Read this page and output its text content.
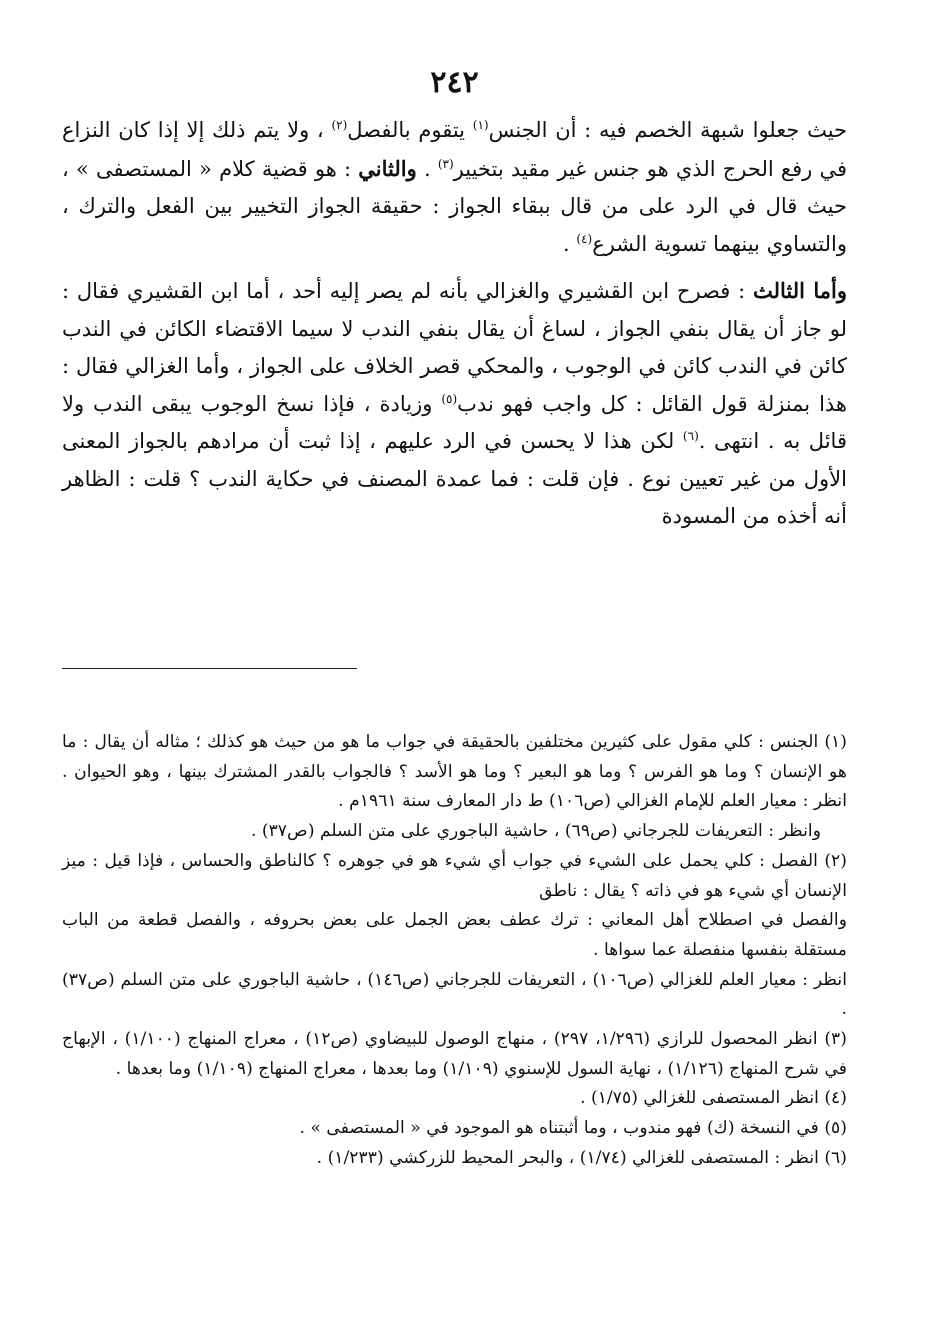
٢٤٢

حيث جعلوا شبهة الخصم فيه : أن الجنس$^{(١)}$ يتقوم بالفصل$^{(٢)}$ ، ولا يتم ذلك إلا إذا كان النزاع في رفع الحرج الذي هو جنس غير مقيد بتخيير$^{(٣)}$ . والثاني : هو قضية كلام « المستصفى » ، حيث قال في الرد على من قال ببقاء الجواز : حقيقة الجواز التخيير بين الفعل والترك ، والتساوي بينهما تسوية الشرع$^{(٤)}$ .

وأما الثالث : فصرح ابن القشيري والغزالي بأنه لم يصر إليه أحد ، أما ابن القشيري فقال : لو جاز أن يقال بنفي الجواز ، لساغ أن يقال بنفي الندب لا سيما الاقتضاء الكائن في الندب كائن في الندب كائن في الوجوب ، والمحكي قصر الخلاف على الجواز ، وأما الغزالي فقال : هذا بمنزلة قول القائل : كل واجب فهو ندب$^{(٥)}$ وزيادة ، فإذا نسخ الوجوب يبقى الندب ولا قائل به . انتهى .$^{(٦)}$ لكن هذا لا يحسن في الرد عليهم ، إذا ثبت أن مرادهم بالجواز المعنى الأول من غير تعيين نوع . فإن قلت : فما عمدة المصنف في حكاية الندب ؟ قلت : الظاهر أنه أخذه من المسودة

(١) الجنس : كلي مقول على كثيرين مختلفين بالحقيقة في جواب ما هو من حيث هو كذلك ؛ مثاله أن يقال : ما هو الإنسان ؟ وما هو الفرس ؟ وما هو البعير ؟ وما هو الأسد ؟ فالجواب بالقدر المشترك بينها ، وهو الحيوان . انظر : معيار العلم للإمام الغزالي (ص١٠٦) ط دار المعارف سنة ١٩٦١م .

وانظر : التعريفات للجرجاني (ص٦٩) ، حاشية الباجوري على متن السلم (ص٣٧) .

(٢) الفصل : كلي يحمل على الشيء في جواب أي شيء هو في جوهره ؟ كالناطق والحساس ، فإذا قيل : ميز الإنسان أي شيء هو في ذاته ؟ يقال : ناطق

والفصل في اصطلاح أهل المعاني : ترك عطف بعض الجمل على بعض بحروفه ، والفصل قطعة من الباب مستقلة بنفسها منفصلة عما سواها .

انظر : معيار العلم للغزالي (ص١٠٦) ، التعريفات للجرجاني (ص١٤٦) ، حاشية الباجوري على متن السلم (ص٣٧) .

(٣) انظر المحصول للرازي (١/٢٩٦، ٢٩٧) ، منهاج الوصول للبيضاوي (ص١٢) ، معراج المنهاج (١/١٠٠) ، الإبهاج في شرح المنهاج (١/١٢٦) ، نهاية السول للإسنوي (١/١٠٩) وما بعدها ، معراج المنهاج (١/١٠٩) وما بعدها .

(٤) انظر المستصفى للغزالي (١/٧٥) .

(٥) في النسخة (ك) فهو مندوب ، وما أثبتناه هو الموجود في « المستصفى » .

(٦) انظر : المستصفى للغزالي (١/٧٤) ، والبحر المحيط للزركشي (١/٢٣٣) .
